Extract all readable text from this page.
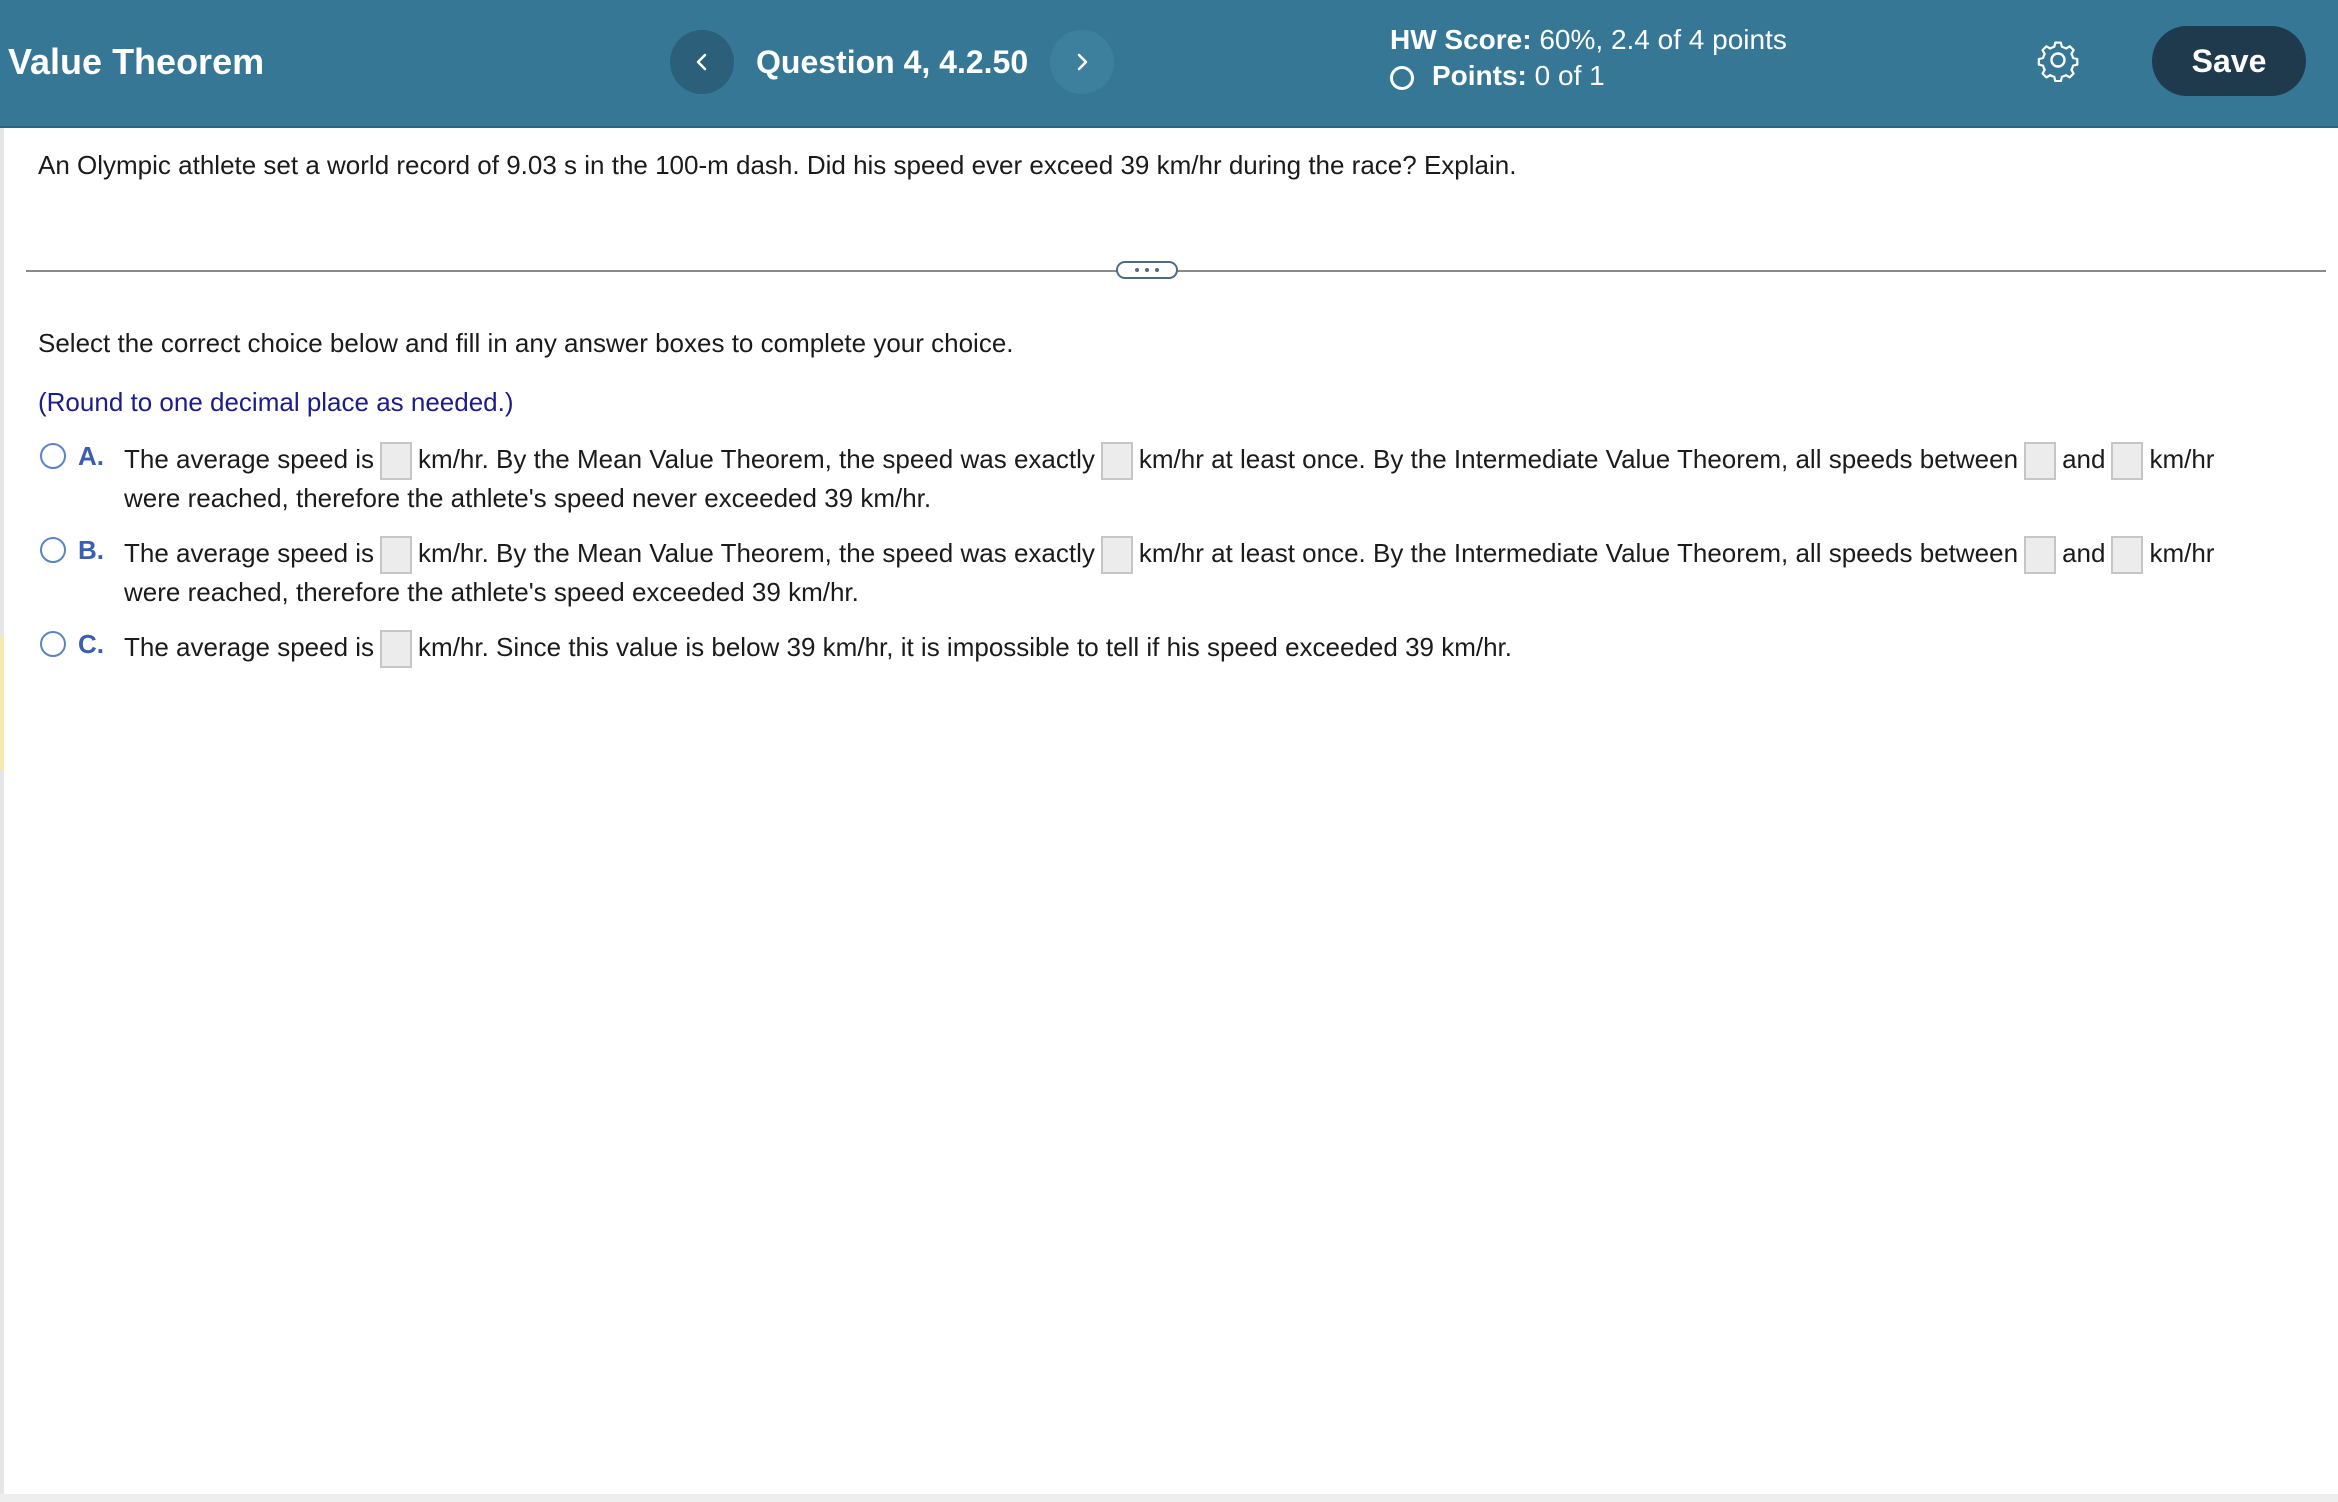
Value Theorem	Question 4, 4.2.50
HW Score: 60%, 2.4 of 4 points
Points:
0 of 1	Save
An Olympic athlete set a world record of 9.03 s in the 100-m dash. Did his speed ever exceed 39 km/hr during the race? Explain.
Select the correct choice below and fill in any answer boxes to complete your choice.
(Round to one decimal place as needed.)
A. The average speed is km/hr. By the Mean Value Theorem, the speed was exactly km/hr at least once. By the Intermediate Value Theorem, all speeds between and km/hr
were reached, therefore the athlete's speed never exceeded 39 km/hr.
B. The average speed is km/hr. By the Mean Value Theorem, the speed was exactly km/hr at least once. By the Intermediate Value Theorem, all speeds between and km/hr
were reached, therefore the athlete's speed exceeded 39 km/hr.
C. The average speed is km/hr. Since this value is below 39 km/hr, it is impossible to tell if his speed exceeded 39 km/hr.
